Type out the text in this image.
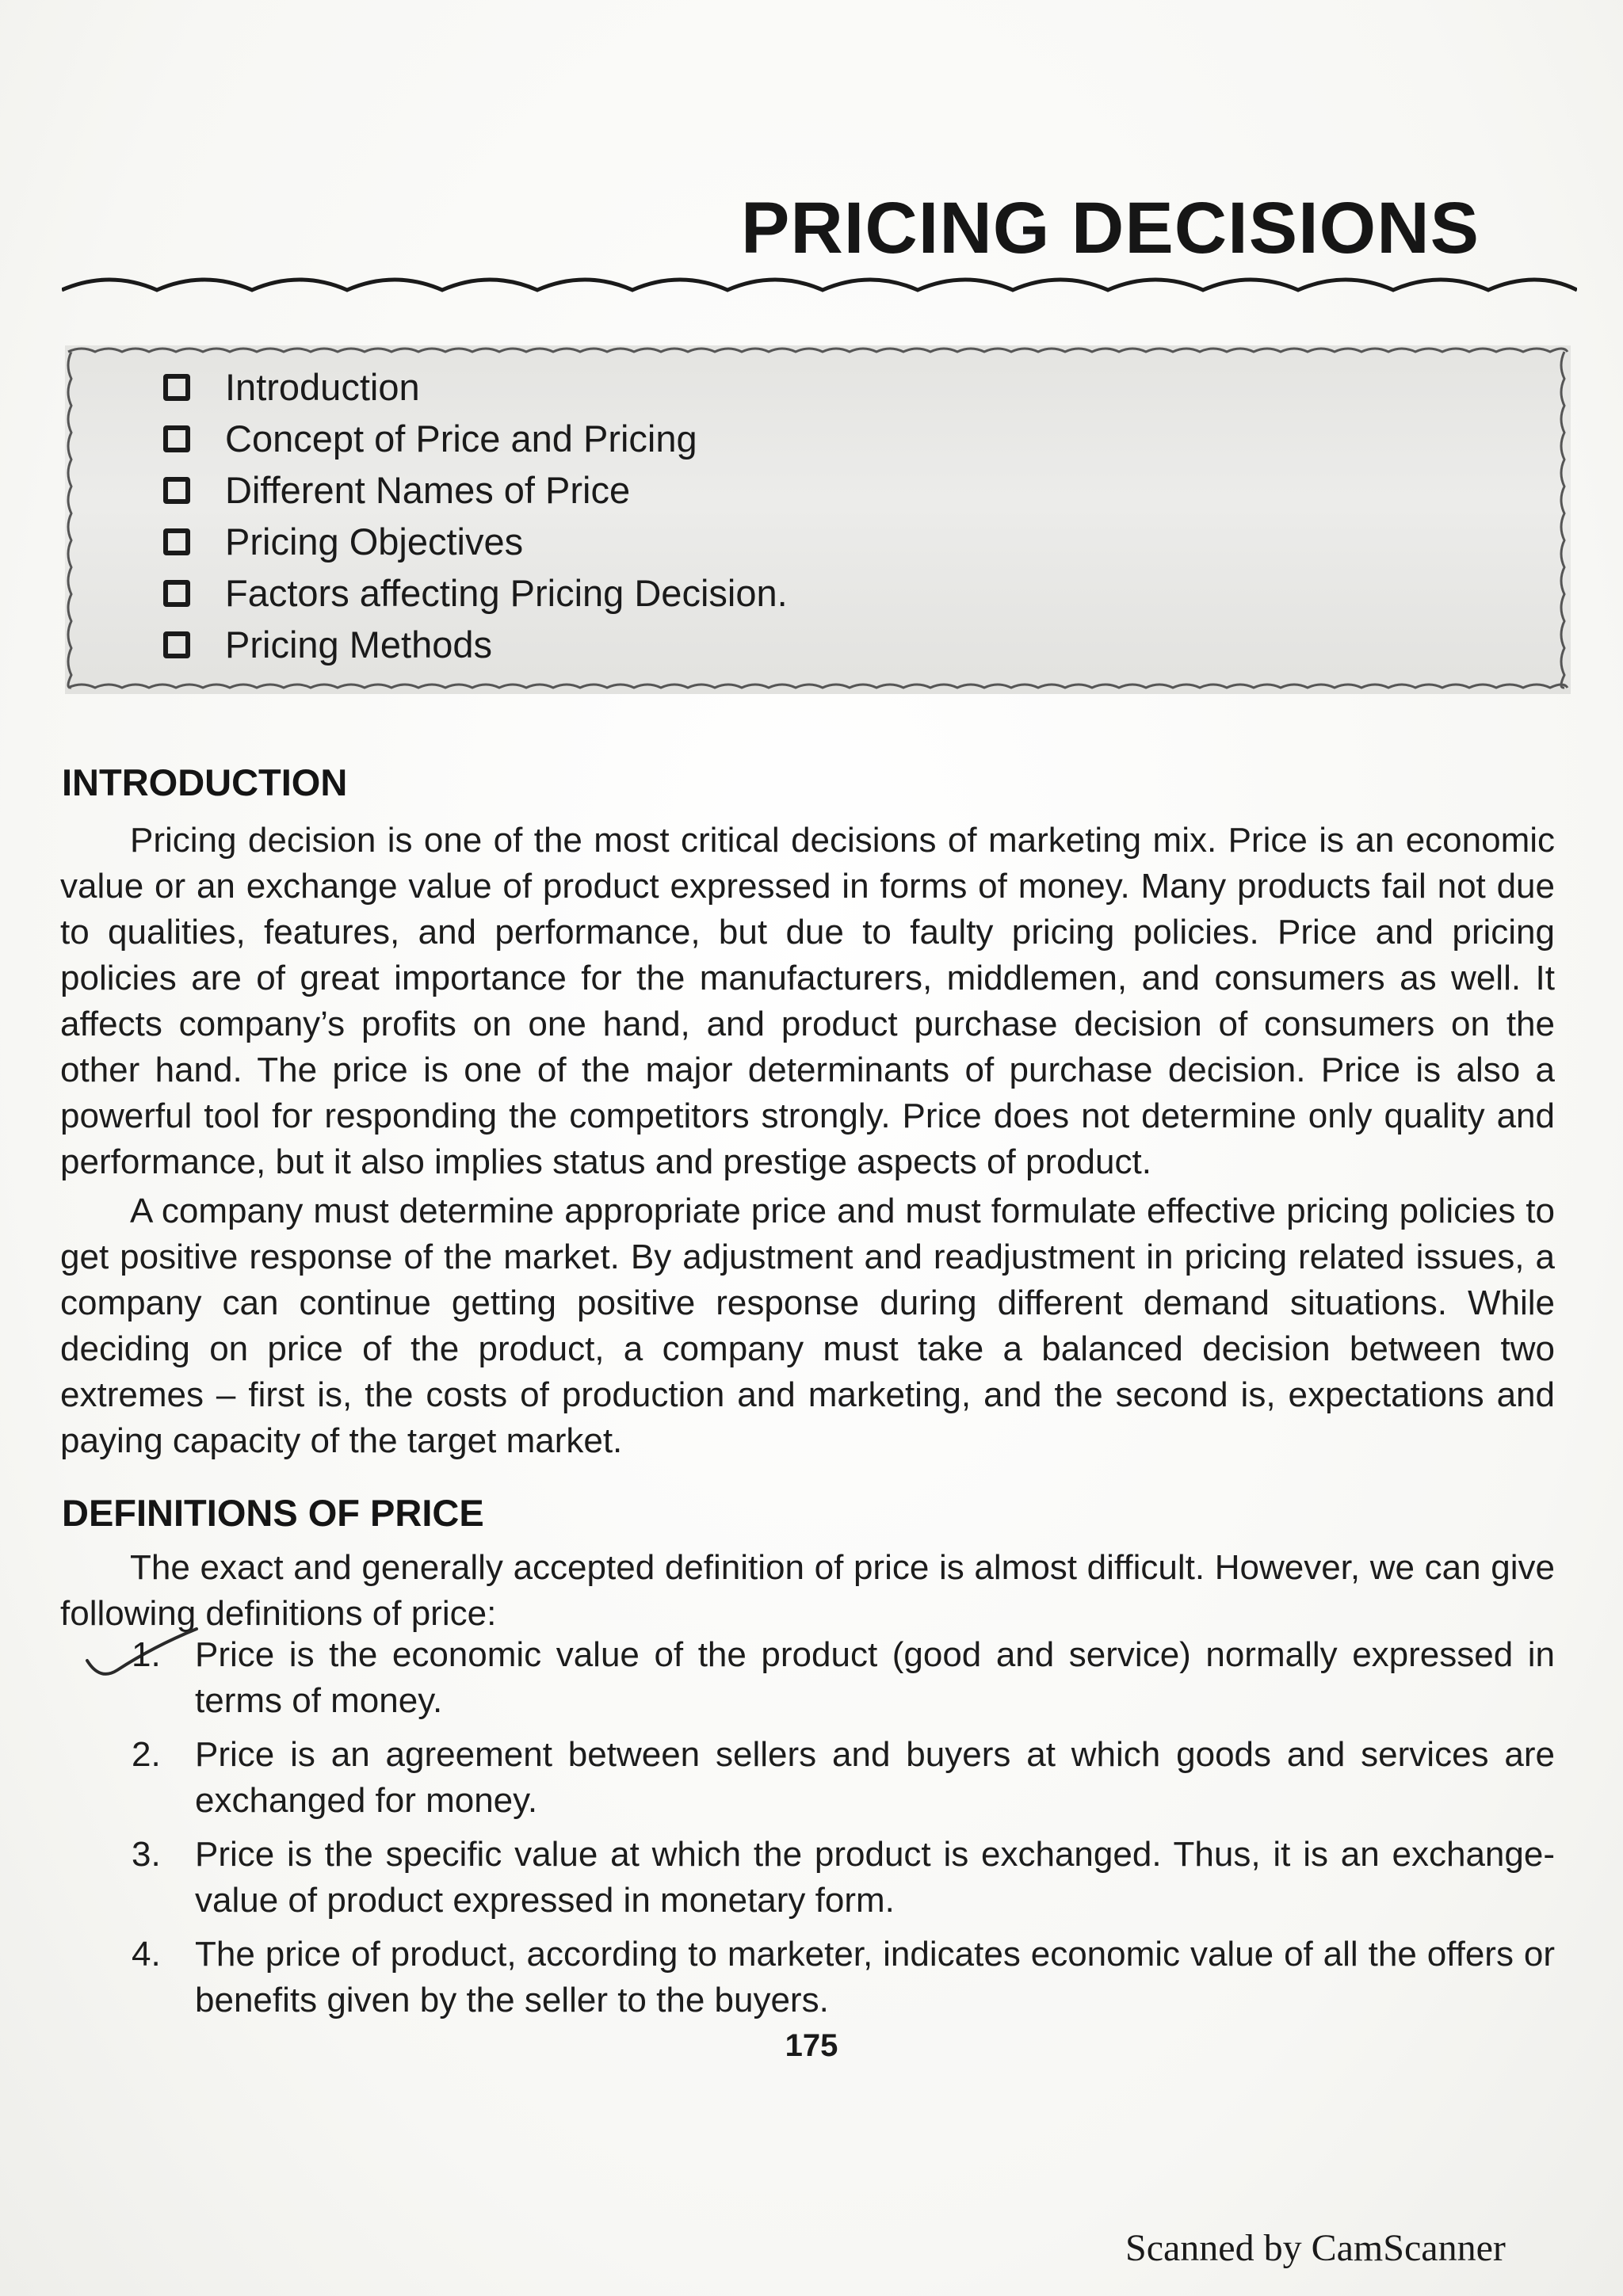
PRICING DECISIONS
Introduction
Concept of Price and Pricing
Different Names of Price
Pricing Objectives
Factors affecting Pricing Decision.
Pricing Methods
INTRODUCTION

Pricing decision is one of the most critical decisions of marketing mix. Price is an economic value or an exchange value of product expressed in forms of money. Many products fail not due to qualities, features, and performance, but due to faulty pricing policies. Price and pricing policies are of great importance for the manufacturers, middlemen, and consumers as well. It affects company’s profits on one hand, and product purchase decision of consumers on the other hand. The price is one of the major determinants of purchase decision. Price is also a powerful tool for responding the competitors strongly. Price does not determine only quality and performance, but it also implies status and prestige aspects of product.

A company must determine appropriate price and must formulate effective pricing policies to get positive response of the market. By adjustment and readjustment in pricing related issues, a company can continue getting positive response during different demand situations. While deciding on price of the product, a company must take a balanced decision between two extremes – first is, the costs of production and marketing, and the second is, expectations and paying capacity of the target market.

DEFINITIONS OF PRICE

The exact and generally accepted definition of price is almost difficult. However, we can give following definitions of price:

1. Price is the economic value of the product (good and service) normally expressed in terms of money.
2. Price is an agreement between sellers and buyers at which goods and services are exchanged for money.
3. Price is the specific value at which the product is exchanged. Thus, it is an exchange-value of product expressed in monetary form.
4. The price of product, according to marketer, indicates economic value of all the offers or benefits given by the seller to the buyers.

175

Scanned by CamScanner
